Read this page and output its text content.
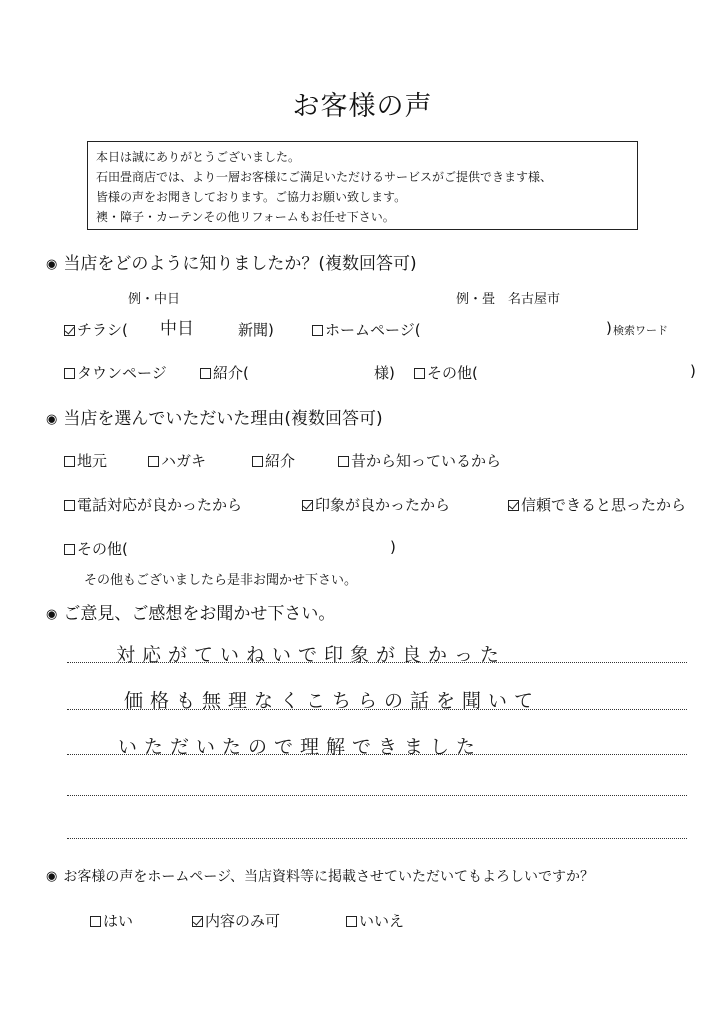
お客様の声
本日は誠にありがとうございました。
石田畳商店では、より一層お客様にご満足いただけるサービスがご提供できます様、
皆様の声をお聞きしております。ご協力お願い致します。
襖・障子・カーテンその他リフォームもお任せ下さい。
◉ 当店をどのように知りましたか？(複数回答可)
例・中日	例・畳　名古屋市
チラシ( 中日	新聞)	ホームページ(	) 検索ワード
タウンページ	紹介(	様)	その他(	)
◉ 当店を選んでいただいた理由(複数回答可)
地元	ハガキ	紹介	昔から知っているから
電話対応が良かったから	印象が良かったから	信頼できると思ったから
その他(	)
その他もございましたら是非お聞かせ下さい。
◉ ご意見、ご感想をお聞かせ下さい。
対応がていねいで印象が良かった
価格も無理なくこちらの話を聞いて
いただいたので理解できました
◉ お客様の声をホームページ、当店資料等に掲載させていただいてもよろしいですか？
はい	内容のみ可	いいえ
